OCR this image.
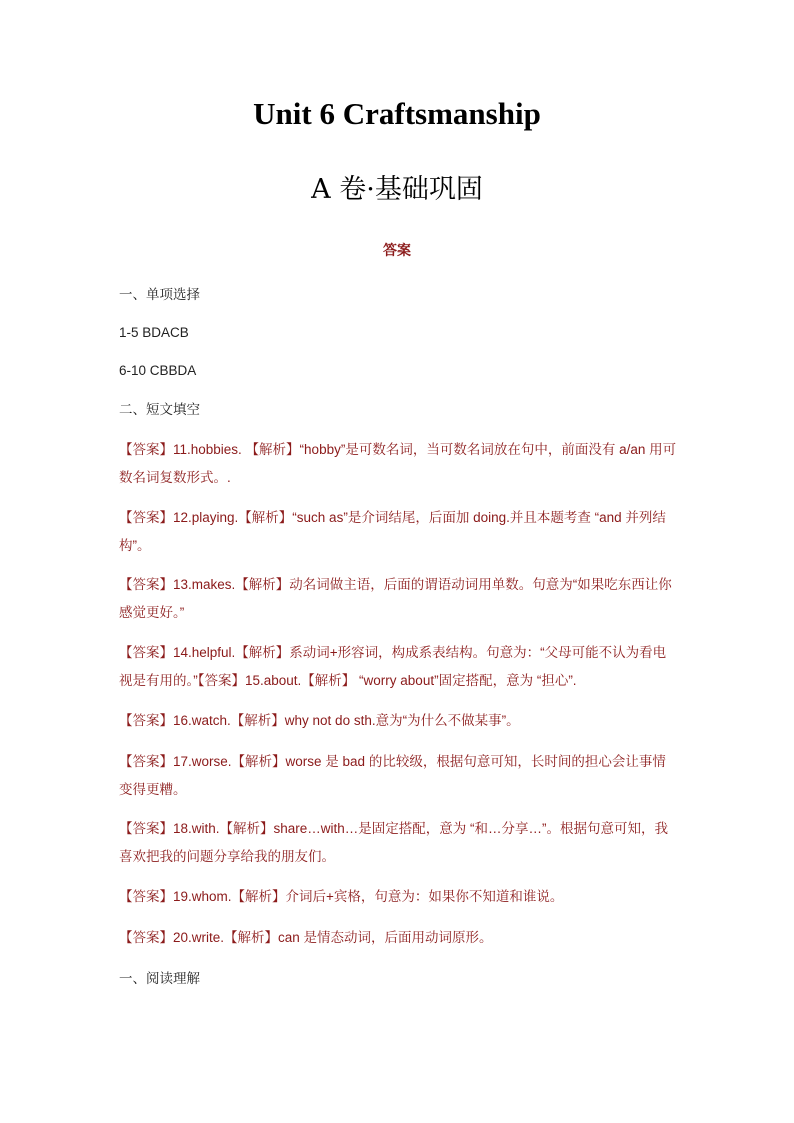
Unit 6 Craftsmanship
A 卷·基础巩固
答案
一、单项选择
1-5 BDACB
6-10 CBBDA
二、短文填空
【答案】11.hobbies. 【解析】“hobby”是可数名词，当可数名词放在句中，前面没有 a/an 用可数名词复数形式。.
【答案】12.playing.【解析】“such as”是介词结尾，后面加 doing.并且本题考查 “and 并列结构”。
【答案】13.makes.【解析】动名词做主语，后面的谓语动词用单数。句意为“如果吃东西让你感觉更好。”
【答案】14.helpful.【解析】系动词+形容词，构成系表结构。句意为：“父母可能不认为看电视是有用的。”【答案】15.about.【解析】 “worry about”固定搭配，意为 “担心”.
【答案】16.watch.【解析】why not do sth.意为“为什么不做某事”。
【答案】17.worse.【解析】worse 是 bad 的比较级，根据句意可知，长时间的担心会让事情变得更糟。
【答案】18.with.【解析】share…with…是固定搭配，意为 “和…分享…”。根据句意可知，我喜欢把我的问题分享给我的朋友们。
【答案】19.whom.【解析】介词后+宾格，句意为：如果你不知道和谁说。
【答案】20.write.【解析】can 是情态动词，后面用动词原形。
一、阅读理解
